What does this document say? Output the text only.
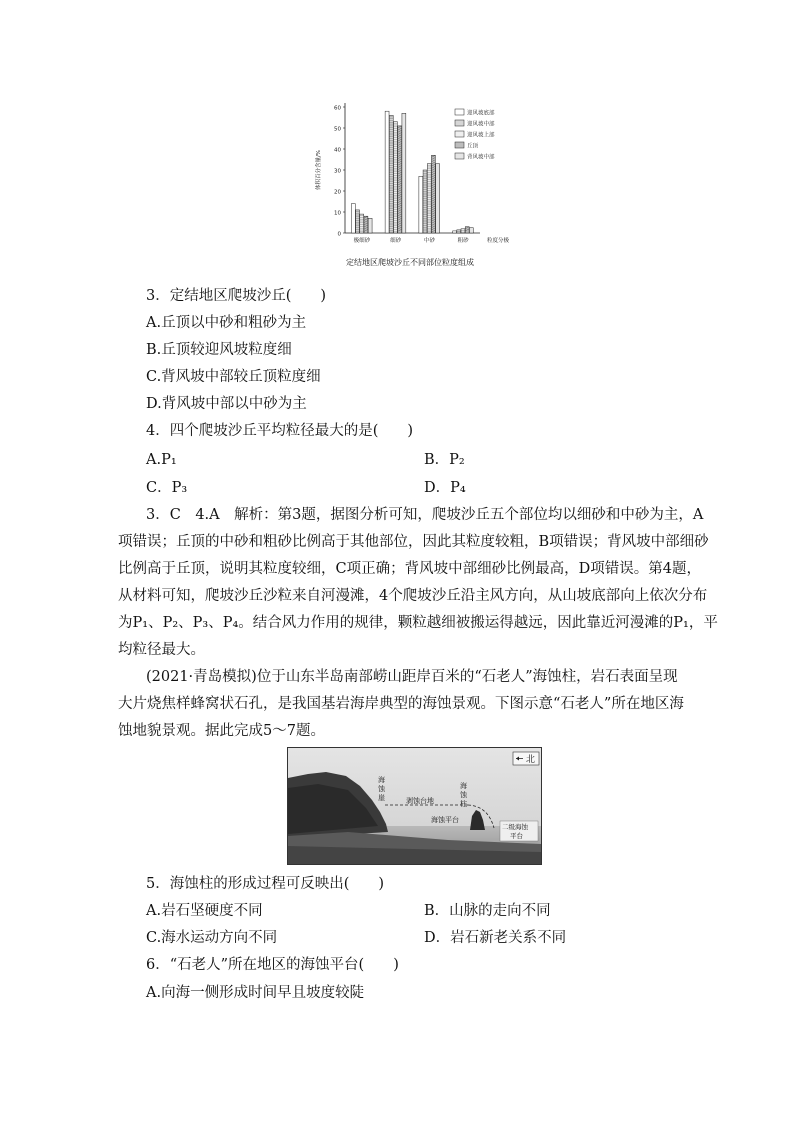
0
10
20
30
40
50
60
体积百分含量/%
极细砂	细砂	中砂	粗砂	粒度分极
迎风坡底部
迎风坡中部
迎风坡上部
丘顶
背风坡中部
定结地区爬坡沙丘不同部位粒度组成
3．定结地区爬坡沙丘(　　)
A.丘顶以中砂和粗砂为主
B.丘顶较迎风坡粒度细
C.背风坡中部较丘顶粒度细
D.背风坡中部以中砂为主
4．四个爬坡沙丘平均粒径最大的是(　　)
A.P₁	B．P₂
C．P₃	D．P₄
3．C　4.A　解析：第3题，据图分析可知，爬坡沙丘五个部位均以细砂和中砂为主，A
项错误；丘顶的中砂和粗砂比例高于其他部位，因此其粒度较粗，B项错误；背风坡中部细砂
比例高于丘顶，说明其粒度较细，C项正确；背风坡中部细砂比例最高，D项错误。第4题，
从材料可知，爬坡沙丘沙粒来自河漫滩，4个爬坡沙丘沿主风方向，从山坡底部向上依次分布
为P₁、P₂、P₃、P₄。结合风力作用的规律，颗粒越细被搬运得越远，因此靠近河漫滩的P₁，平
均粒径最大。
(2021·青岛模拟)位于山东半岛南部崂山距岸百米的“石老人”海蚀柱，岩石表面呈现
大片烧焦样蜂窝状石孔，是我国基岩海岸典型的海蚀景观。下图示意“石老人”所在地区海
蚀地貌景观。据此完成5～7题。
北
海
蚀
崖
海
蚀
柱
剥蚀台地
海蚀平台
二级海蚀
平台
5．海蚀柱的形成过程可反映出(　　)
A.岩石坚硬度不同	B．山脉的走向不同
C.海水运动方向不同	D．岩石新老关系不同
6．“石老人”所在地区的海蚀平台(　　)
A.向海一侧形成时间早且坡度较陡
